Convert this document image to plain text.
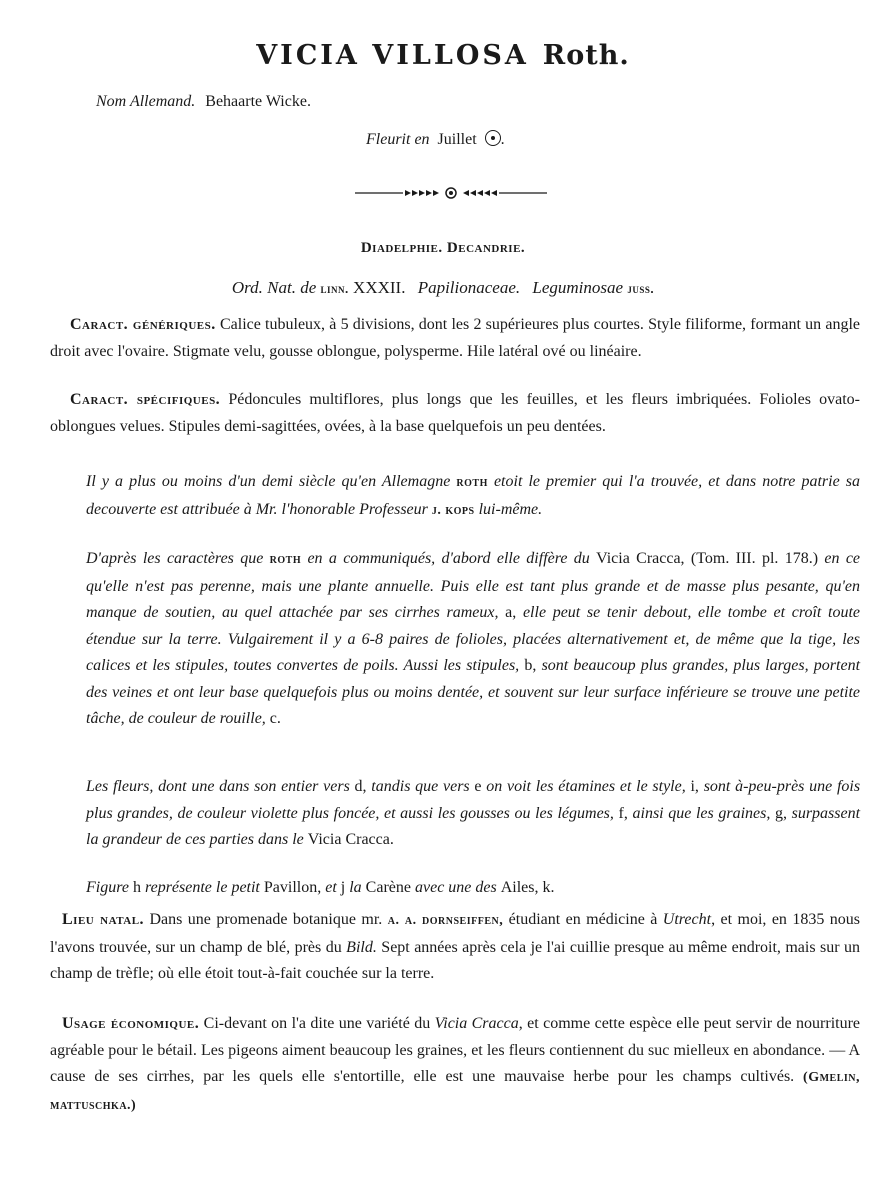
VICIA VILLOSA Roth.
Nom Allemand. Behaarte Wicke.
Fleurit en Juillet .
Diadelphie. Decandrie.
Ord. Nat. de linn. XXXII. Papilionaceae. Leguminosae juss.
Caract. génériques. Calice tubuleux, à 5 divisions, dont les 2 supérieures plus courtes. Style filiforme, formant un angle droit avec l'ovaire. Stigmate velu, gousse oblongue, polysperme. Hile latéral ové ou linéaire.
Caract. spécifiques. Pédoncules multiflores, plus longs que les feuilles, et les fleurs imbriquées. Folioles ovato-oblongues velues. Stipules demi-sagittées, ovées, à la base quelquefois un peu dentées.
Il y a plus ou moins d'un demi siècle qu'en Allemagne roth etoit le premier qui l'a trouvée, et dans notre patrie sa decouverte est attribuée à Mr. l'honorable Professeur j. kops lui-même.
D'après les caractères que roth en a communiqués, d'abord elle diffère du Vicia Cracca, (Tom. III. pl. 178.) en ce qu'elle n'est pas perenne, mais une plante annuelle. Puis elle est tant plus grande et de masse plus pesante, qu'en manque de soutien, au quel attachée par ses cirrhes rameux, a, elle peut se tenir debout, elle tombe et croît toute étendue sur la terre. Vulgairement il y a 6-8 paires de folioles, placées alternativement et, de même que la tige, les calices et les stipules, toutes convertes de poils. Aussi les stipules, b, sont beaucoup plus grandes, plus larges, portent des veines et ont leur base quelquefois plus ou moins dentée, et souvent sur leur surface inférieure se trouve une petite tâche, de couleur de rouille, c.
Les fleurs, dont une dans son entier vers d, tandis que vers e on voit les étamines et le style, i, sont à-peu-près une fois plus grandes, de couleur violette plus foncée, et aussi les gousses ou les légumes, f, ainsi que les graines, g, surpassent la grandeur de ces parties dans le Vicia Cracca.
Figure h représente le petit Pavillon, et j la Carène avec une des Ailes, k.
Lieu natal. Dans une promenade botanique mr. a. a. dornseiffen, étudiant en médicine à Utrecht, et moi, en 1835 nous l'avons trouvée, sur un champ de blé, près du Bild. Sept années après cela je l'ai cuillie presque au même endroit, mais sur un champ de trèfle; où elle étoit tout-à-fait couchée sur la terre.
Usage économique. Ci-devant on l'a dite une variété du Vicia Cracca, et comme cette espèce elle peut servir de nourriture agréable pour le bétail. Les pigeons aiment beaucoup les graines, et les fleurs contiennent du suc mielleux en abondance. — A cause de ses cirrhes, par les quels elle s'entortille, elle est une mauvaise herbe pour les champs cultivés. (Gmelin, mattuschka.)
